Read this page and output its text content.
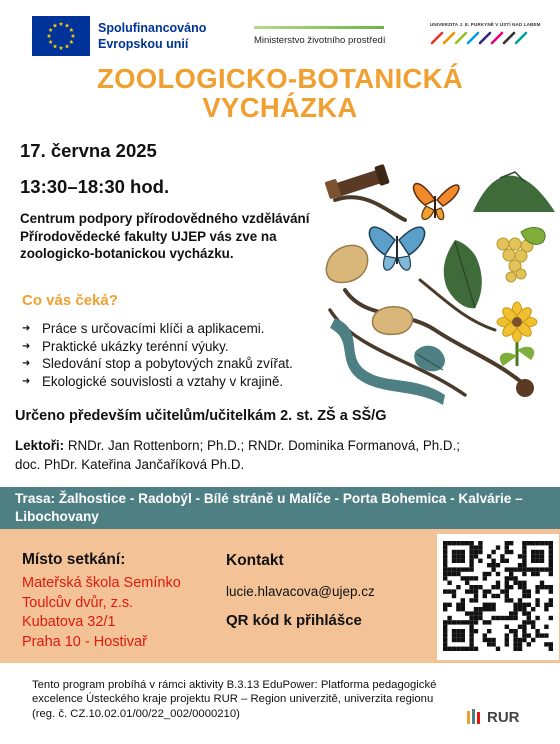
Spolufinancováno
Evropskou unií	Ministerstvo životního prostředí
UNIVERZITA J. E. PURKYNĚ V ÚSTÍ NAD LABEM
ZOOLOGICKO-BOTANICKÁ
VYCHÁZKA
17. června 2025
13:30–18:30 hod.
Centrum podpory přírodovědného vzdělávání Přírodovědecké fakulty UJEP vás zve na zoologicko-botanickou vycházku.
Co vás čeká?
➜ Práce s určovacími klíči a aplikacemi.
➜ Praktické ukázky terénní výuky.
➜ Sledování stop a pobytových znaků zvířat.
➜ Ekologické souvislosti a vztahy v krajině.
Určeno především učitelům/učitelkám 2. st. ZŠ a SŠ/G
Lektoři: RNDr. Jan Rottenborn; Ph.D.; RNDr. Dominika Formanová, Ph.D.;
doc. PhDr. Kateřina Jančaříková Ph.D.
Trasa: Žalhostice - Radobýl - Bílé stráně u Malíče - Porta Bohemica - Kalvárie – Libochovany
Místo setkání:
Mateřská škola Semínko
Toulcův dvůr, z.s.
Kubatova 32/1
Praha 10 - Hostivař
Kontakt
lucie.hlavacova@ujep.cz
QR kód k přihlášce
Tento program probíhá v rámci aktivity B.3.13 EduPower: Platforma pedagogické excelence Ústeckého kraje projektu RUR – Region univerzitě, univerzita regionu (reg. č. CZ.10.02.01/00/22_002/0000210)	RUR
